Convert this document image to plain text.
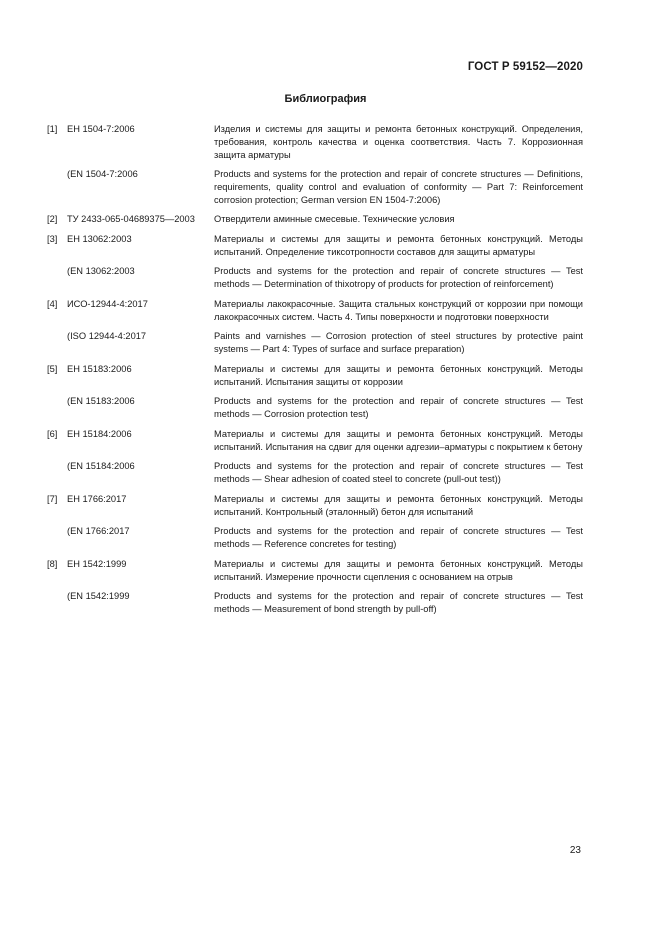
ГОСТ Р 59152—2020
Библиография
[1]	ЕН 1504-7:2006	Изделия и системы для защиты и ремонта бетонных конструкций. Определения, требования, контроль качества и оценка соответствия. Часть 7. Коррозионная защита арматуры
(EN 1504-7:2006	Products and systems for the protection and repair of concrete structures — Definitions, requirements, quality control and evaluation of conformity — Part 7: Reinforcement corrosion protection; German version EN 1504-7:2006)
[2]	ТУ 2433-065-04689375—2003	Отвердители аминные смесевые. Технические условия
[3]	ЕН 13062:2003	Материалы и системы для защиты и ремонта бетонных конструкций. Методы испытаний. Определение тиксотропности составов для защиты арматуры
(EN 13062:2003	Products and systems for the protection and repair of concrete structures — Test methods — Determination of thixotropy of products for protection of reinforcement)
[4]	ИСО-12944-4:2017	Материалы лакокрасочные. Защита стальных конструкций от коррозии при помощи лакокрасочных систем. Часть 4. Типы поверхности и подготовки поверхности
(ISO 12944-4:2017	Paints and varnishes — Corrosion protection of steel structures by protective paint systems — Part 4: Types of surface and surface preparation)
[5]	ЕН 15183:2006	Материалы и системы для защиты и ремонта бетонных конструкций. Методы испытаний. Испытания защиты от коррозии
(EN 15183:2006	Products and systems for the protection and repair of concrete structures — Test methods — Corrosion protection test)
[6]	ЕН 15184:2006	Материалы и системы для защиты и ремонта бетонных конструкций. Методы испытаний. Испытания на сдвиг для оценки адгезии–арматуры с покрытием к бетону
(EN 15184:2006	Products and systems for the protection and repair of concrete structures — Test methods — Shear adhesion of coated steel to concrete (pull-out test))
[7]	ЕН 1766:2017	Материалы и системы для защиты и ремонта бетонных конструкций. Методы испытаний. Контрольный (эталонный) бетон для испытаний
(EN 1766:2017	Products and systems for the protection and repair of concrete structures — Test methods — Reference concretes for testing)
[8]	ЕН 1542:1999	Материалы и системы для защиты и ремонта бетонных конструкций. Методы испытаний. Измерение прочности сцепления с основанием на отрыв
(EN 1542:1999	Products and systems for the protection and repair of concrete structures — Test methods — Measurement of bond strength by pull-off)
23
